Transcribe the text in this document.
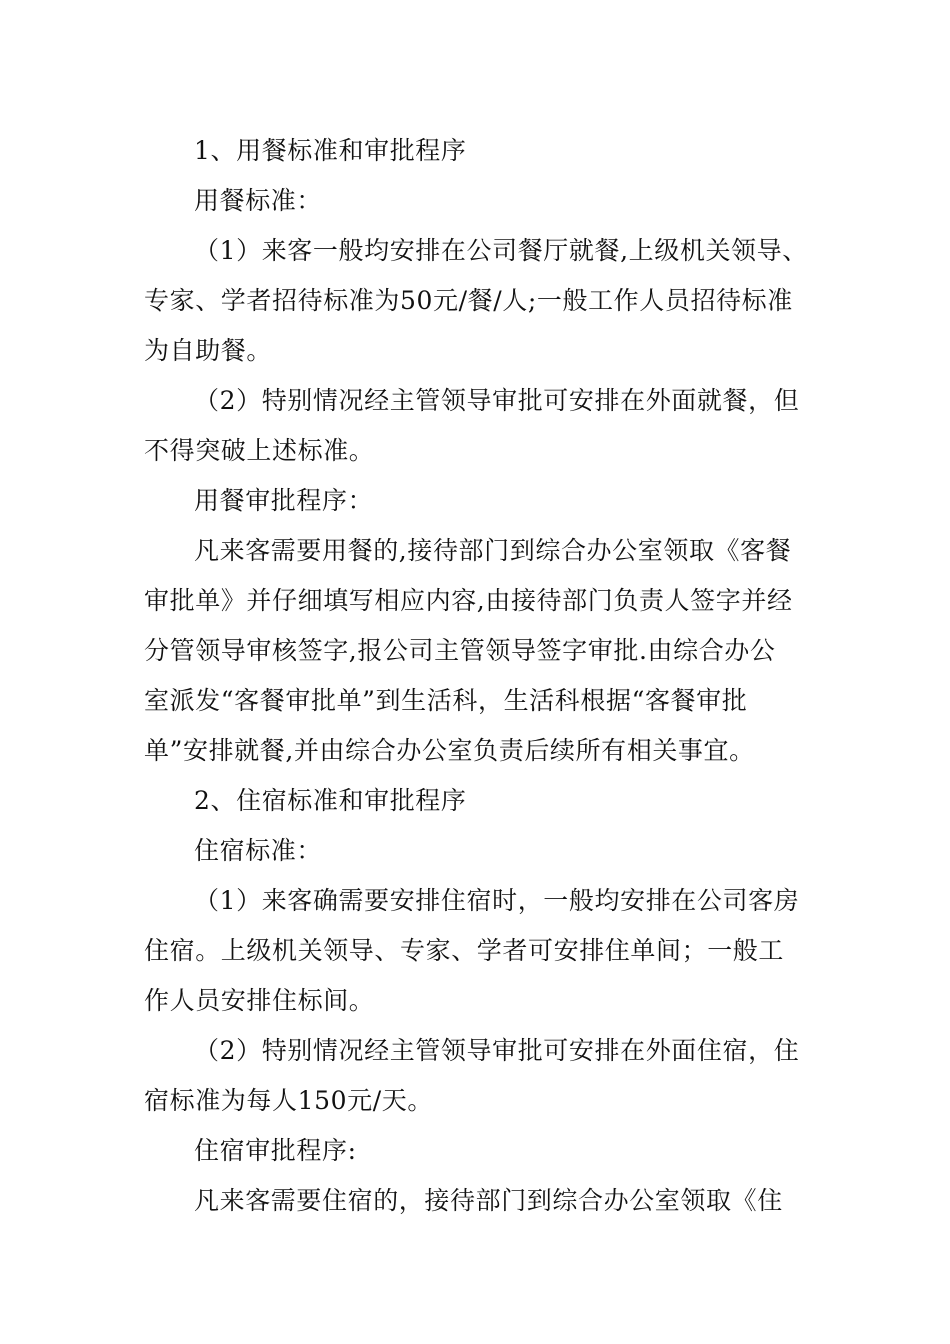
1、用餐标准和审批程序
用餐标准：
（1）来客一般均安排在公司餐厅就餐,上级机关领导、
专家、学者招待标准为50元/餐/人;一般工作人员招待标准
为自助餐。
（2）特别情况经主管领导审批可安排在外面就餐，但
不得突破上述标准。
用餐审批程序：
凡来客需要用餐的,接待部门到综合办公室领取《客餐
审批单》并仔细填写相应内容,由接待部门负责人签字并经
分管领导审核签字,报公司主管领导签字审批.由综合办公
室派发“客餐审批单”到生活科，生活科根据“客餐审批
单”安排就餐,并由综合办公室负责后续所有相关事宜。
2、住宿标准和审批程序
住宿标准：
（1）来客确需要安排住宿时，一般均安排在公司客房
住宿。上级机关领导、专家、学者可安排住单间；一般工
作人员安排住标间。
（2）特别情况经主管领导审批可安排在外面住宿，住
宿标准为每人150元/天。
住宿审批程序:
凡来客需要住宿的，接待部门到综合办公室领取《住
